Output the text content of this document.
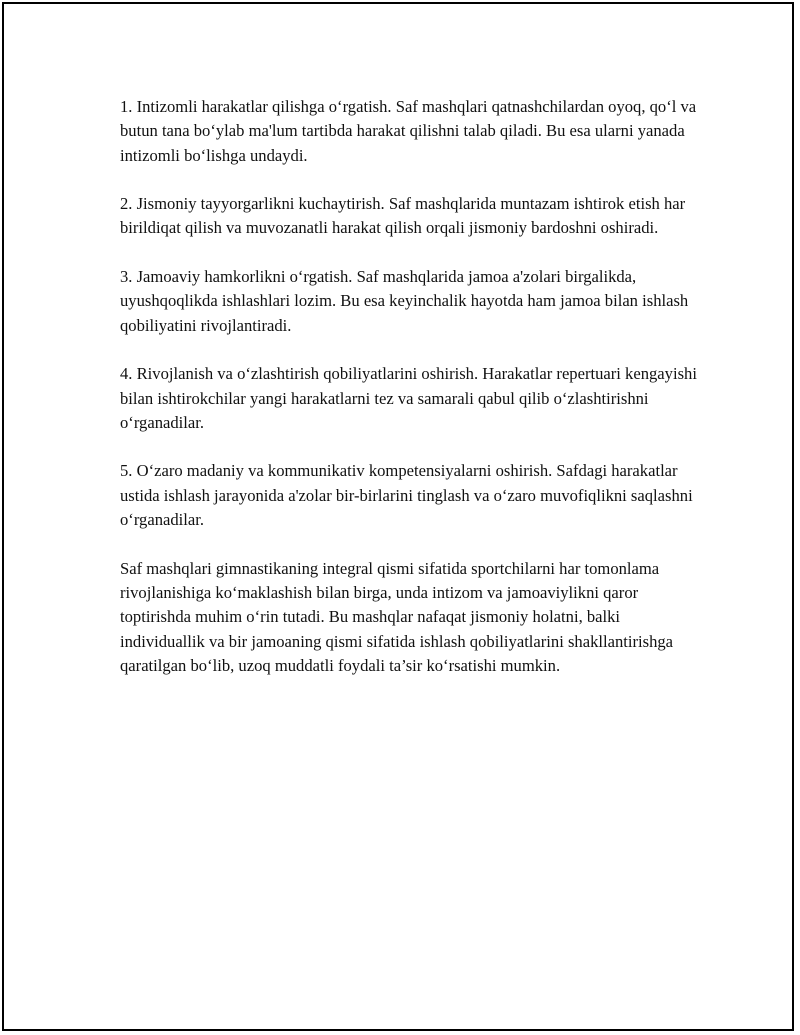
1. Intizomli harakatlar qilishga o‘rgatish. Saf mashqlari qatnashchilardan oyoq, qo‘l va butun tana bo‘ylab ma'lum tartibda harakat qilishni talab qiladi. Bu esa ularni yanada intizomli bo‘lishga undaydi.

2. Jismoniy tayyorgarlikni kuchaytirish. Saf mashqlarida muntazam ishtirok etish har birildiqat qilish va muvozanatli harakat qilish orqali jismoniy bardoshni oshiradi.

3. Jamoaviy hamkorlikni o‘rgatish. Saf mashqlarida jamoa a'zolari birgalikda, uyushqoqlikda ishlashlari lozim. Bu esa keyinchalik hayotda ham jamoa bilan ishlash qobiliyatini rivojlantiradi.

4. Rivojlanish va o‘zlashtirish qobiliyatlarini oshirish. Harakatlar repertuari kengayishi bilan ishtirokchilar yangi harakatlarni tez va samarali qabul qilib o‘zlashtirishni o‘rganadilar.

5. O‘zaro madaniy va kommunikativ kompetensiyalarni oshirish. Safdagi harakatlar ustida ishlash jarayonida a'zolar bir-birlarini tinglash va o‘zaro muvofiqlikni saqlashni o‘rganadilar.

Saf mashqlari gimnastikaning integral qismi sifatida sportchilarni har tomonlama rivojlanishiga ko‘maklashish bilan birga, unda intizom va jamoaviylikni qaror toptirishda muhim o‘rin tutadi. Bu mashqlar nafaqat jismoniy holatni, balki individuallik va bir jamoaning qismi sifatida ishlash qobiliyatlarini shakllantirishga qaratilgan bo‘lib, uzoq muddatli foydali ta’sir ko‘rsatishi mumkin.
